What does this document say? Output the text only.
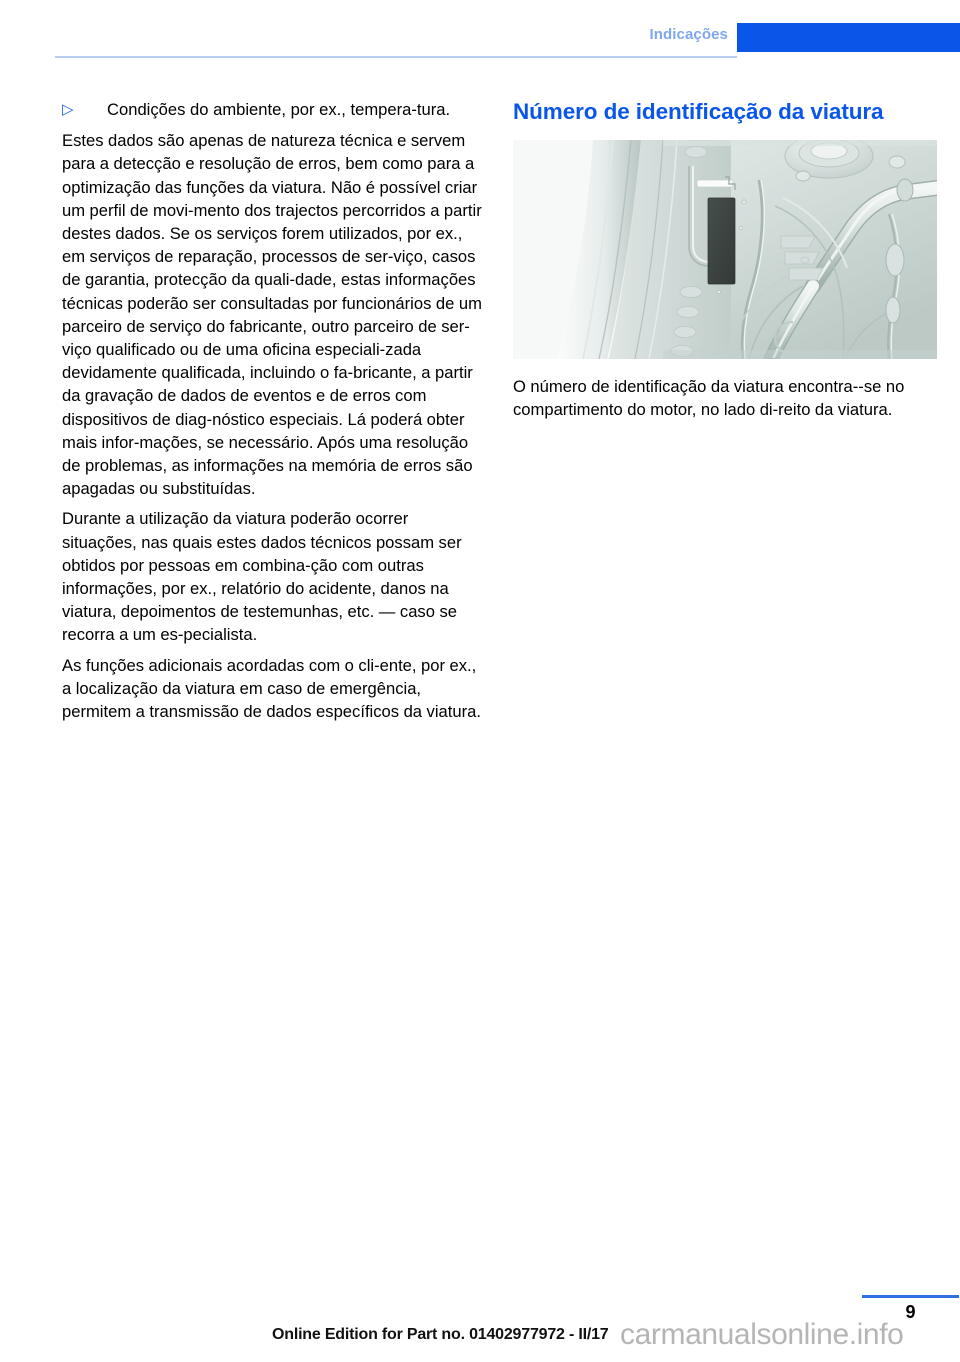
Indicações
▷ Condições do ambiente, por ex., tempera-tura.

Estes dados são apenas de natureza técnica e servem para a detecção e resolução de erros, bem como para a optimização das funções da viatura. Não é possível criar um perfil de movi-mento dos trajectos percorridos a partir destes dados. Se os serviços forem utilizados, por ex., em serviços de reparação, processos de ser-viço, casos de garantia, protecção da quali-dade, estas informações técnicas poderão ser consultadas por funcionários de um parceiro de serviço do fabricante, outro parceiro de ser-viço qualificado ou de uma oficina especiali-zada devidamente qualificada, incluindo o fa-bricante, a partir da gravação de dados de eventos e de erros com dispositivos de diag-nóstico especiais. Lá poderá obter mais infor-mações, se necessário. Após uma resolução de problemas, as informações na memória de erros são apagadas ou substituídas.

Durante a utilização da viatura poderão ocorrer situações, nas quais estes dados técnicos possam ser obtidos por pessoas em combina-ção com outras informações, por ex., relatório do acidente, danos na viatura, depoimentos de testemunhas, etc. — caso se recorra a um es-pecialista.

As funções adicionais acordadas com o cli-ente, por ex., a localização da viatura em caso de emergência, permitem a transmissão de dados específicos da viatura.

Número de identificação da viatura

O número de identificação da viatura encontra--se no compartimento do motor, no lado di-reito da viatura.

9
carmanualsonline.info
Online Edition for Part no. 01402977972 - II/17
